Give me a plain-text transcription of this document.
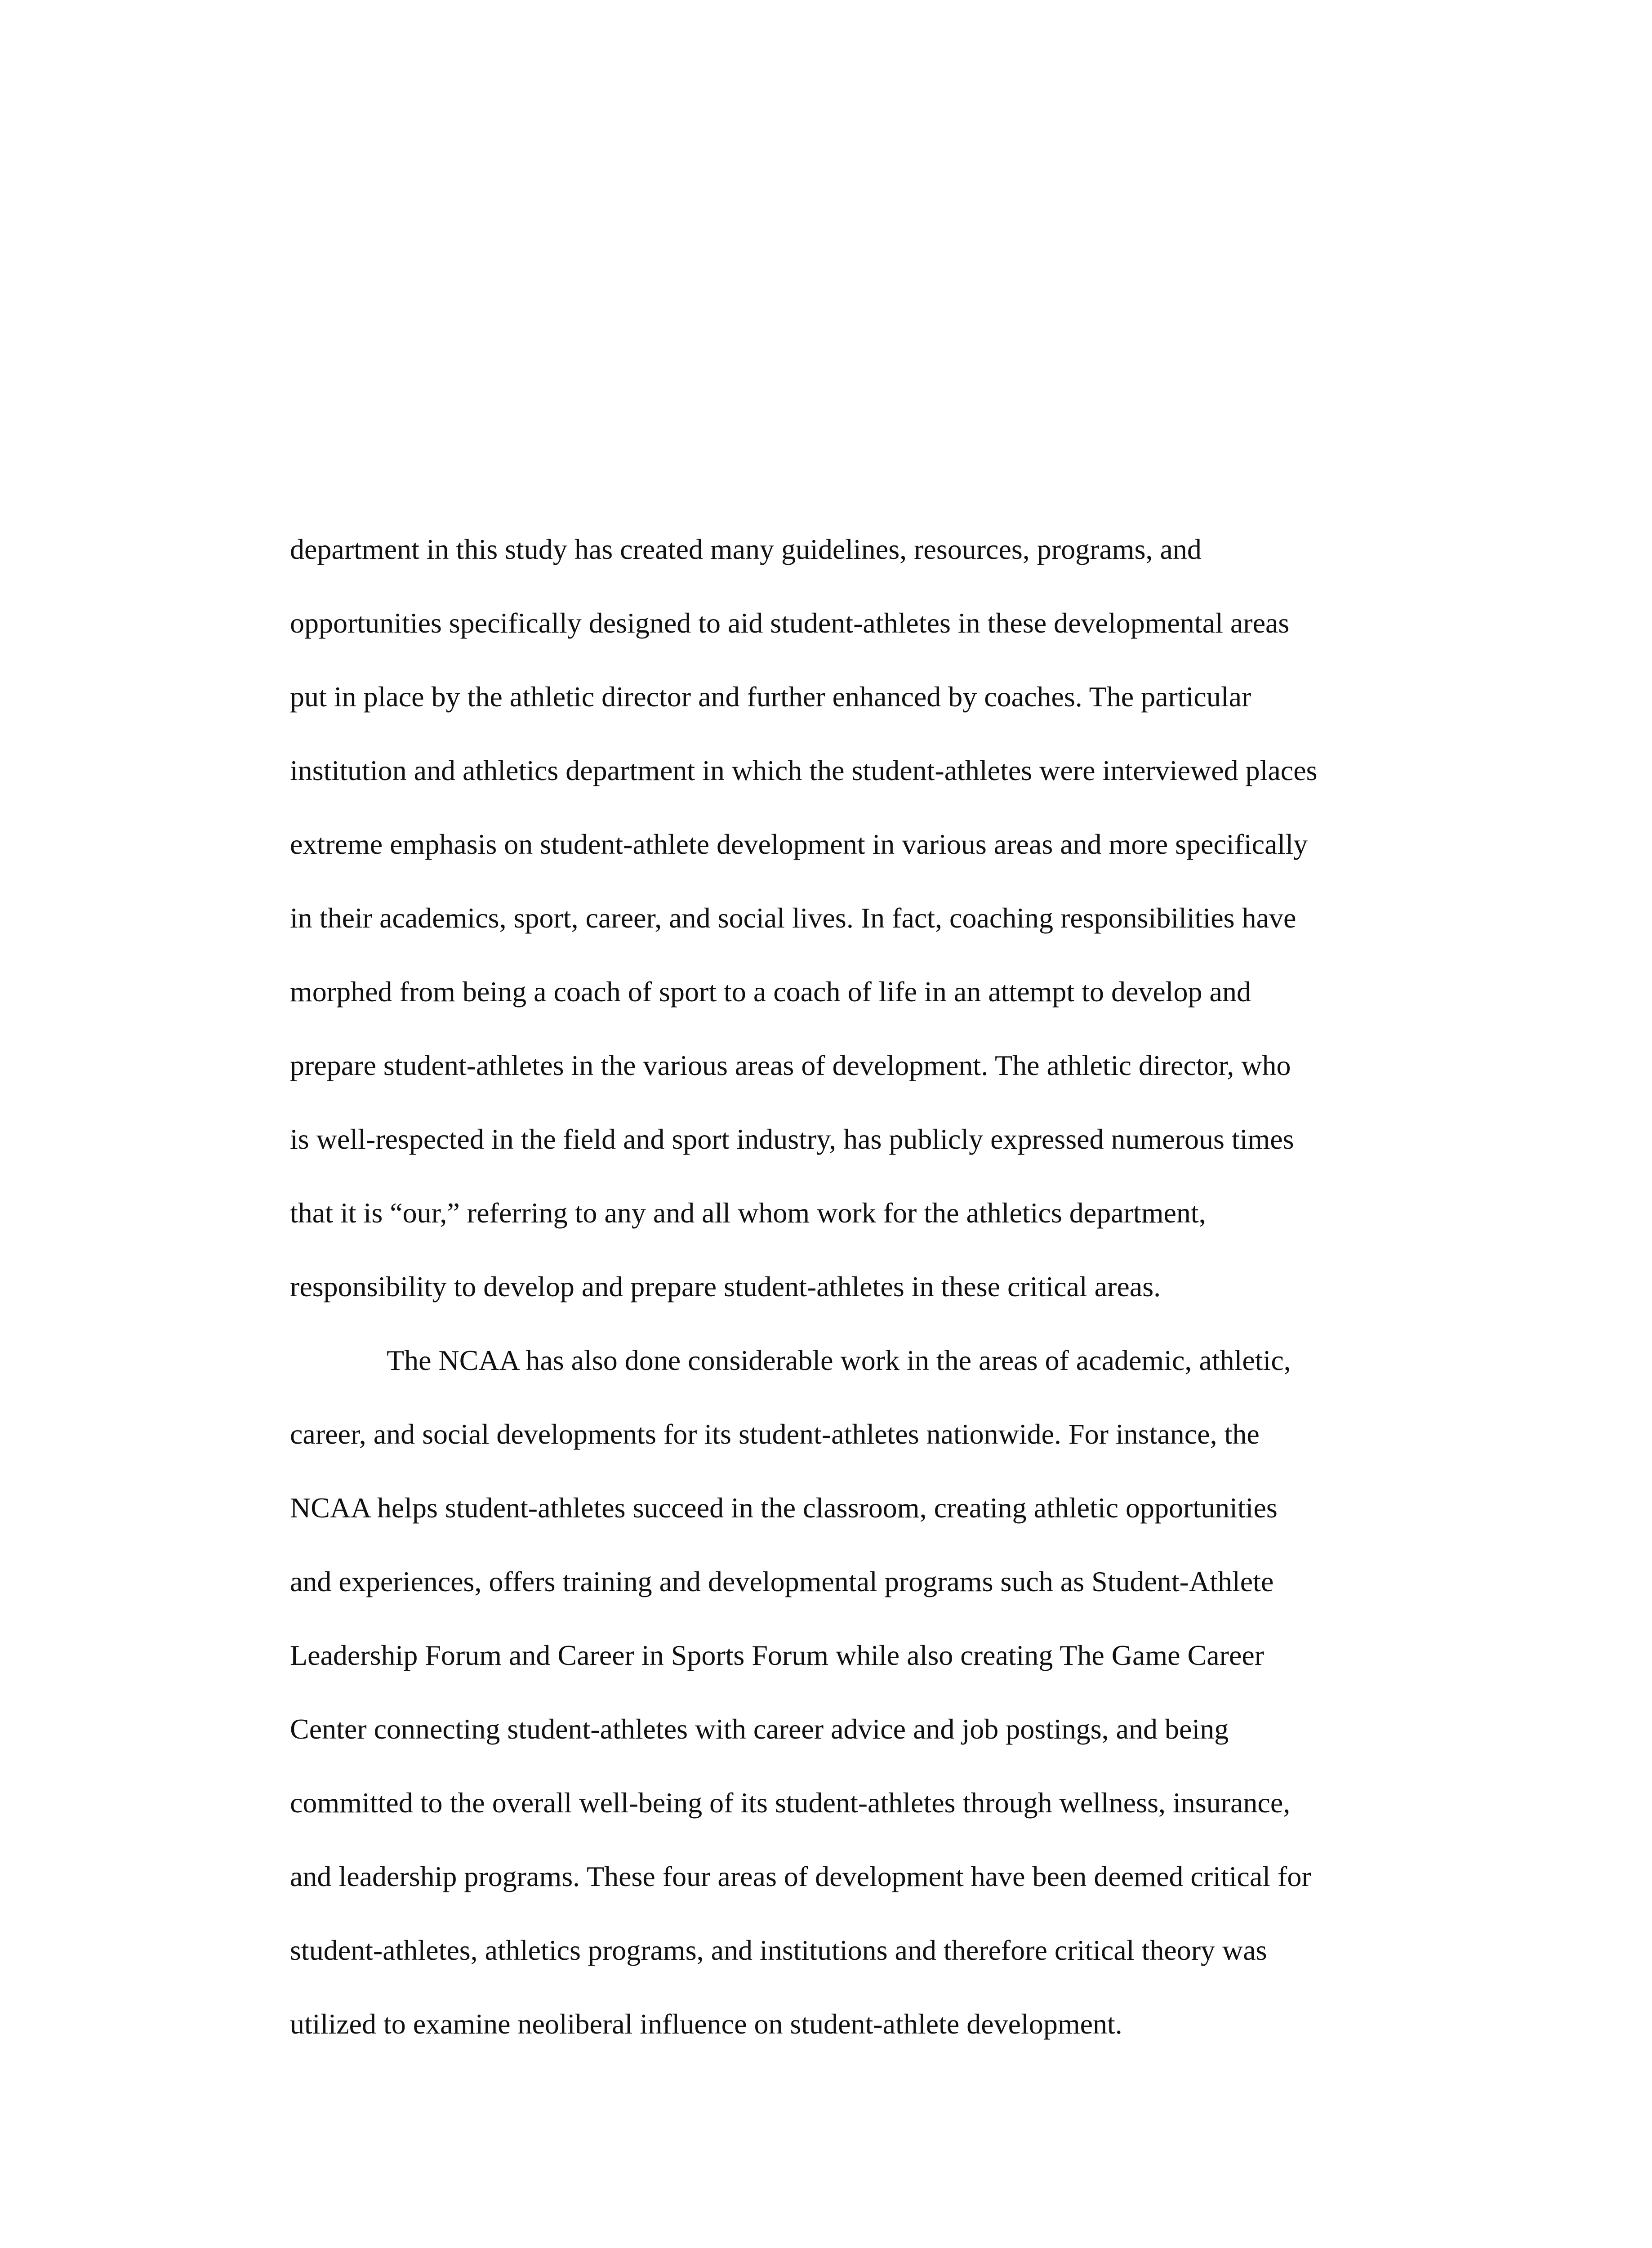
department in this study has created many guidelines, resources, programs, and
opportunities specifically designed to aid student-athletes in these developmental areas
put in place by the athletic director and further enhanced by coaches. The particular
institution and athletics department in which the student-athletes were interviewed places
extreme emphasis on student-athlete development in various areas and more specifically
in their academics, sport, career, and social lives. In fact, coaching responsibilities have
morphed from being a coach of sport to a coach of life in an attempt to develop and
prepare student-athletes in the various areas of development. The athletic director, who
is well-respected in the field and sport industry, has publicly expressed numerous times
that it is “our,” referring to any and all whom work for the athletics department,
responsibility to develop and prepare student-athletes in these critical areas.
The NCAA has also done considerable work in the areas of academic, athletic,
career, and social developments for its student-athletes nationwide. For instance, the
NCAA helps student-athletes succeed in the classroom, creating athletic opportunities
and experiences, offers training and developmental programs such as Student-Athlete
Leadership Forum and Career in Sports Forum while also creating The Game Career
Center connecting student-athletes with career advice and job postings, and being
committed to the overall well-being of its student-athletes through wellness, insurance,
and leadership programs. These four areas of development have been deemed critical for
student-athletes, athletics programs, and institutions and therefore critical theory was
utilized to examine neoliberal influence on student-athlete development.
